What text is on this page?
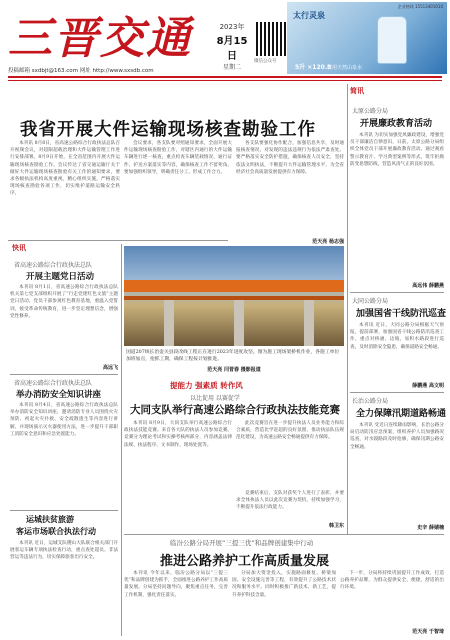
三晋交通
投稿邮箱 sxdbjt@163.com 网址 http://www.sxsdb.com
2023年
8月15日
星期二
微信公众号
太行灵泉
企业热线 15513401010
5升 ×120.8
饮用天然山泉水
我省开展大件运输现场核查勘验工作

本刊讯 8月8日，省高速公路综合行政执法总队召开视频会议，对超限超载治理和大件运输管理工作进行安排部署。8月9日开始，在全省范围内开展大件运输现场核查勘验工作。会议传达了省交通运输厅关于做好大件运输现场核查勘验有关工作的通知要求，要求各级执法机构高度重视，精心组织实施，严格落实现场核查勘验各项工作，切实维护道路运输安全秩序。

会议要求，各支队要对照通知要求，全面开展大件运输现场核查勘验工作，对辖区内通行的大件运输车辆进行逐一核查，重点检查车辆装载情况、通行证件、护送方案落实等内容，确保核查工作不留死角。要加强组织领导，明确责任分工，形成工作合力。

各支队要强化协作配合，加强信息共享，及时通报核查情况，对发现的违法违规行为依法严肃查处。要严格落实安全防护措施，确保核查人员安全，坚持依法文明执法，不断提升大件运输管理水平，为全省经济社会高质量发展提供有力保障。

范天亮 杨志强
快讯
省高速公路综合行政执法总队
开展主题党日活动

本刊讯 8月1日，省高速公路综合行政执法总队机关第七党支部组织开展了“行走党建红色文旅”主题党日活动。党员干部参观红色教育基地，重温入党誓词，接受革命传统教育，进一步坚定理想信念，增强党性修养。

高远飞
省高速公路综合行政执法总队
举办消防安全知识讲座

本刊讯 8月4日，省高速公路综合行政执法总队举办消防安全知识讲座，邀请消防专业人员围绕火灾预防、初起火灾扑救、安全疏散逃生等内容进行讲解，并现场演示灭火器使用方法，进一步提升干部职工消防安全意识和应急处置能力。

运城扶贫旅游
客运市场联合执法行动

本刊讯 近日，运城支队稷山大队联合相关部门开展客运车辆专项执法检查行动，重点查处超员、非法营运等违法行为，切实保障旅客出行安全。

国道207线长治壶关县段改线工程正在进行2023年进度攻坚。图为施工现场架桥机作业，各施工单位加班加点，抢抓工期，确保工程按计划推进。
范天亮 闫晋春 摄影报道
提能力 强素质 转作风
以比促用 以赛促学
大同支队举行高速公路综合行政执法技能竞赛

本刊讯 8月9日，大同支队举行高速公路综合行政执法技能竞赛。来自各大队的执法人员参加竞赛。竞赛分为理论考试和实操考核两部分，内容涵盖法律法规、执法程序、文书制作、现场处置等。

此次竞赛旨在进一步提升执法人员业务能力和综合素质，营造比学赶超的良好氛围，推动执法队伍规范化建设，为高速公路安全畅通提供有力保障。

竞赛结束后，支队对获奖个人进行了表彰，并要求全体执法人员以此次竞赛为契机，持续加强学习，不断提升依法行政能力。

韩卫东
简讯
太原公路分局
开展廉政教育活动

本刊讯 为切实加强党风廉政建设，增强党员干部廉洁自律意识，日前，太原公路分局组织全体党员干部开展廉政教育活动。通过观看警示教育片、学习典型案例等形式，筑牢拒腐防变思想防线，营造风清气正的良好氛围。

高远伟 薛鹏燕
大同公路分局
加强国省干线防汛巡查

本刊讯 近日，大同公路分局根据天气预报，提前部署，加强国省干线公路防汛巡查工作，重点对桥涵、边坡、易积水路段进行巡查，及时消除安全隐患，确保道路安全畅通。

薛鹏燕 高文明
长治公路分局
全力保障汛期道路畅通

本刊讯 受近日连续降雨影响，长治公路分局启动防汛应急预案，组织养护人员加强路况巡查，对水毁路段及时抢修，确保汛期公路安全畅通。

史辛 薛婧楠
临汾公路分局开展“三提三优”和品牌创建集中行动
推进公路养护工作高质量发展

本刊讯 今年以来，临汾公路分局以“三提三优”和品牌创建为抓手，全面推进公路养护工作高质量发展。分局坚持问题导向，聚焦重点任务，完善工作机制，强化责任落实。

分局加大资金投入，实施路面修复、桥梁加固、安全设施完善等工程，有效提升了公路技术状况和服务水平。同时积极推广新技术、新工艺，提升养护科技含量。

下一步，分局将持续巩固提升工作成效，打造公路养护品牌，为群众提供安全、便捷、舒适的出行环境。

范天亮 于智琦
